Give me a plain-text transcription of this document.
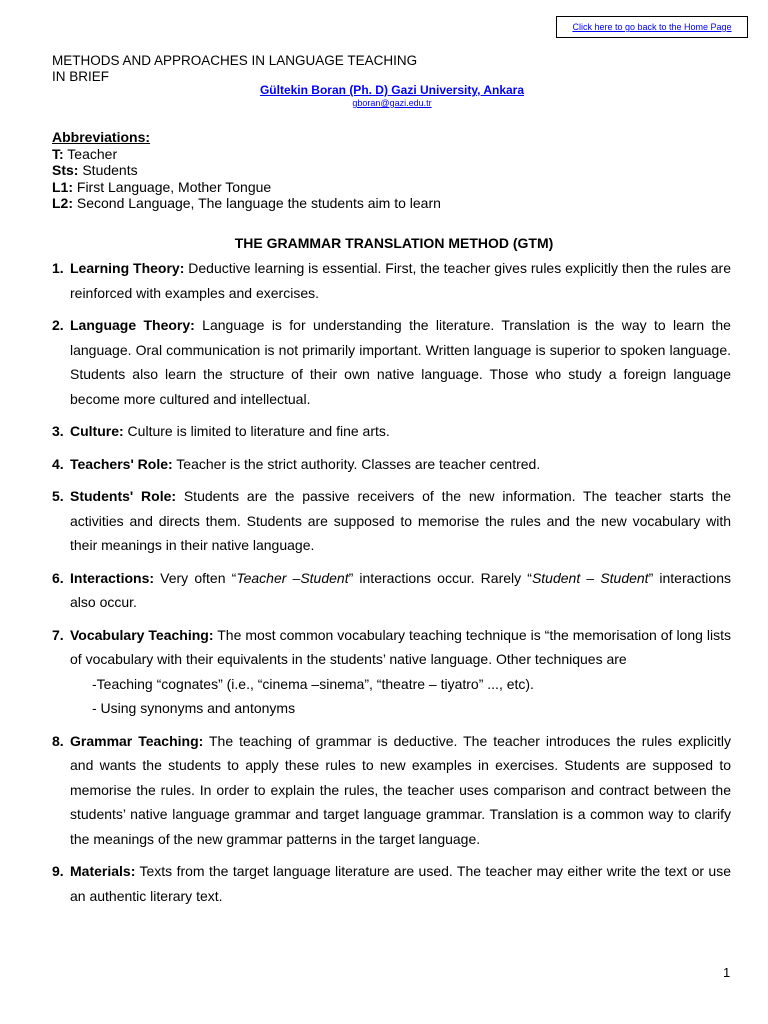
Click here to go back to the Home Page
METHODS AND APPROACHES IN LANGUAGE TEACHING
IN BRIEF
Gültekin Boran (Ph. D) Gazi University, Ankara
gboran@gazi.edu.tr
Abbreviations:
T: Teacher
Sts: Students
L1: First Language, Mother Tongue
L2: Second Language, The language the students aim to learn
THE GRAMMAR TRANSLATION METHOD (GTM)
1. Learning Theory: Deductive learning is essential. First, the teacher gives rules explicitly then the rules are reinforced with examples and exercises.
2. Language Theory: Language is for understanding the literature. Translation is the way to learn the language. Oral communication is not primarily important. Written language is superior to spoken language. Students also learn the structure of their own native language. Those who study a foreign language become more cultured and intellectual.
3. Culture: Culture is limited to literature and fine arts.
4. Teachers' Role: Teacher is the strict authority. Classes are teacher centred.
5. Students' Role: Students are the passive receivers of the new information. The teacher starts the activities and directs them. Students are supposed to memorise the rules and the new vocabulary with their meanings in their native language.
6. Interactions: Very often “Teacher –Student” interactions occur. Rarely “Student – Student” interactions also occur.
7. Vocabulary Teaching: The most common vocabulary teaching technique is “the memorisation of long lists of vocabulary with their equivalents in the students’ native language. Other techniques are
-Teaching “cognates” (i.e., “cinema –sinema”, “theatre – tiyatro” ..., etc).
- Using synonyms and antonyms
8. Grammar Teaching: The teaching of grammar is deductive. The teacher introduces the rules explicitly and wants the students to apply these rules to new examples in exercises. Students are supposed to memorise the rules. In order to explain the rules, the teacher uses comparison and contract between the students’ native language grammar and target language grammar. Translation is a common way to clarify the meanings of the new grammar patterns in the target language.
9. Materials: Texts from the target language literature are used. The teacher may either write the text or use an authentic literary text.
1
